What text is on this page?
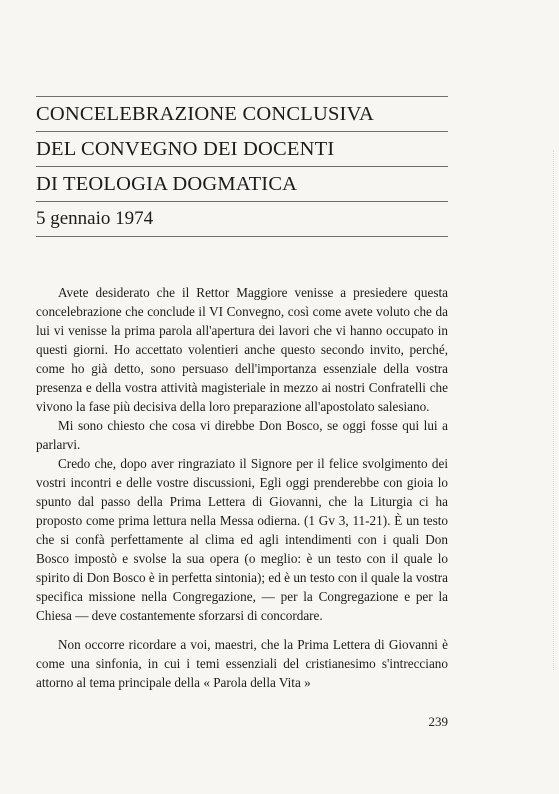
CONCELEBRAZIONE CONCLUSIVA
DEL CONVEGNO DEI DOCENTI
DI TEOLOGIA DOGMATICA
5 gennaio 1974

Avete desiderato che il Rettor Maggiore venisse a presiedere questa concelebrazione che conclude il VI Convegno, così come avete voluto che da lui vi venisse la prima parola all'apertura dei lavori che vi hanno occupato in questi giorni. Ho accettato volentieri anche questo secondo invito, perché, come ho già detto, sono persuaso dell'importanza essenziale della vostra presenza e della vostra attività magisteriale in mezzo ai nostri Confratelli che vivono la fase più decisiva della loro preparazione all'apostolato salesiano.

Mi sono chiesto che cosa vi direbbe Don Bosco, se oggi fosse qui lui a parlarvi.

Credo che, dopo aver ringraziato il Signore per il felice svolgimento dei vostri incontri e delle vostre discussioni, Egli oggi prenderebbe con gioia lo spunto dal passo della Prima Lettera di Giovanni, che la Liturgia ci ha proposto come prima lettura nella Messa odierna. (1 Gv 3, 11-21). È un testo che si confà perfettamente al clima ed agli intendimenti con i quali Don Bosco impostò e svolse la sua opera (o meglio: è un testo con il quale lo spirito di Don Bosco è in perfetta sintonia); ed è un testo con il quale la vostra specifica missione nella Congregazione, — per la Congregazione e per la Chiesa — deve costantemente sforzarsi di concordare.

Non occorre ricordare a voi, maestri, che la Prima Lettera di Giovanni è come una sinfonia, in cui i temi essenziali del cristianesimo s'intrecciano attorno al tema principale della « Parola della Vita »

239
